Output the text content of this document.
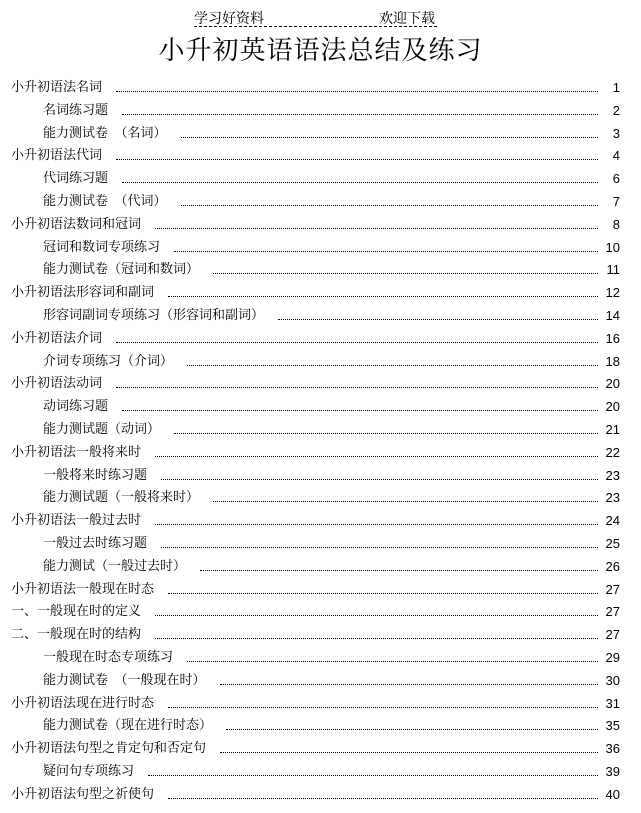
学习好资料	欢迎下载
小升初英语语法总结及练习
小升初语法名词	1
名词练习题	2
能力测试卷　（名词）	3
小升初语法代词	4
代词练习题	6
能力测试卷　（代词）	7
小升初语法数词和冠词	8
冠词和数词专项练习	10
能力测试卷（冠词和数词）	11
小升初语法形容词和副词	12
形容词副词专项练习（形容词和副词）	14
小升初语法介词	16
介词专项练习（介词）	18
小升初语法动词	20
动词练习题	20
能力测试题（动词）	21
小升初语法一般将来时	22
一般将来时练习题	23
能力测试题（一般将来时）	23
小升初语法一般过去时	24
一般过去时练习题	25
能力测试（一般过去时）	26
小升初语法一般现在时态	27
一、一般现在时的定义	27
二、一般现在时的结构	27
一般现在时态专项练习	29
能力测试卷　（一般现在时）	30
小升初语法现在进行时态	31
能力测试卷（现在进行时态）	35
小升初语法句型之肯定句和否定句	36
疑问句专项练习	39
小升初语法句型之祈使句	40
